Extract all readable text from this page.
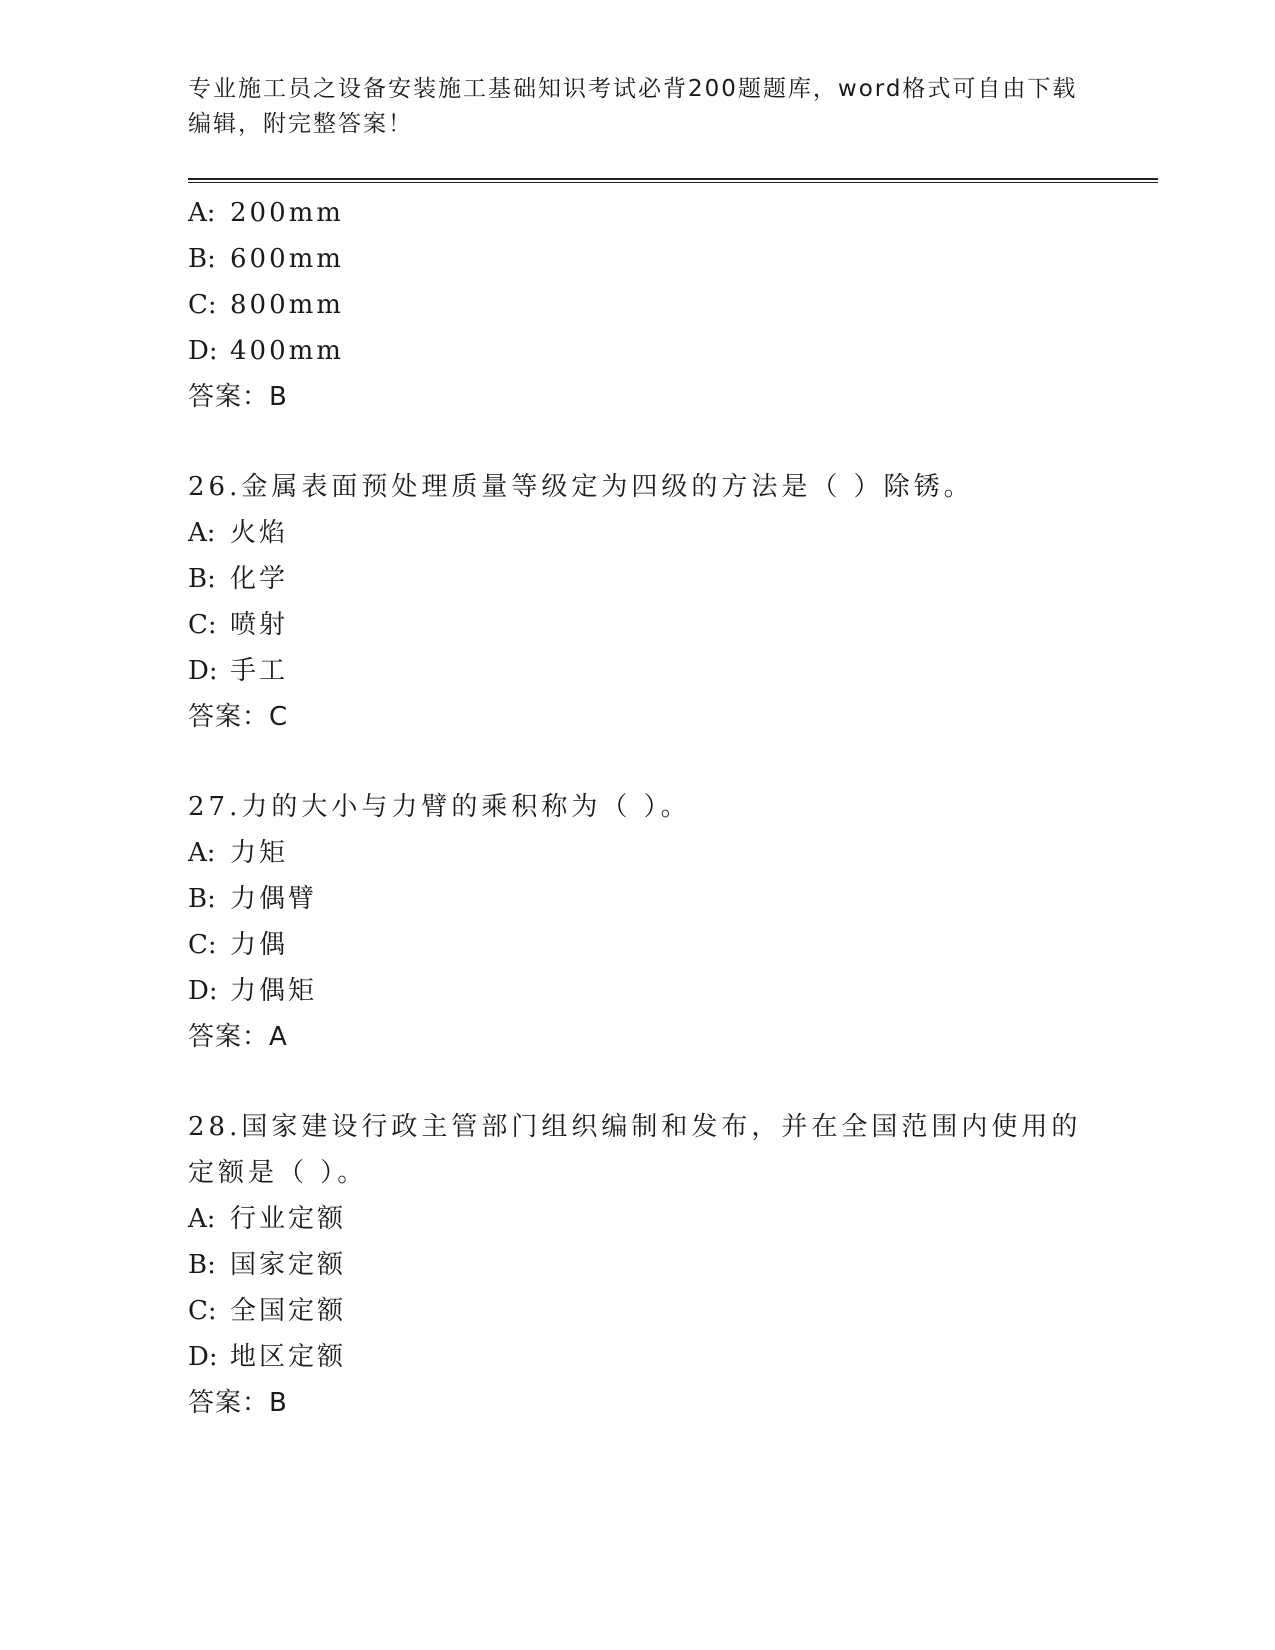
专业施工员之设备安装施工基础知识考试必背200题题库，word格式可自由下载
编辑，附完整答案！
A: 200mm
B: 600mm
C: 800mm
D: 400mm
答案：B
26.金属表面预处理质量等级定为四级的方法是（ ）除锈。
A: 火焰
B: 化学
C: 喷射
D: 手工
答案：C
27.力的大小与力臂的乘积称为（ ）。
A: 力矩
B: 力偶臂
C: 力偶
D: 力偶矩
答案：A
28.国家建设行政主管部门组织编制和发布，并在全国范围内使用的定额是（ ）。
A: 行业定额
B: 国家定额
C: 全国定额
D: 地区定额
答案：B
